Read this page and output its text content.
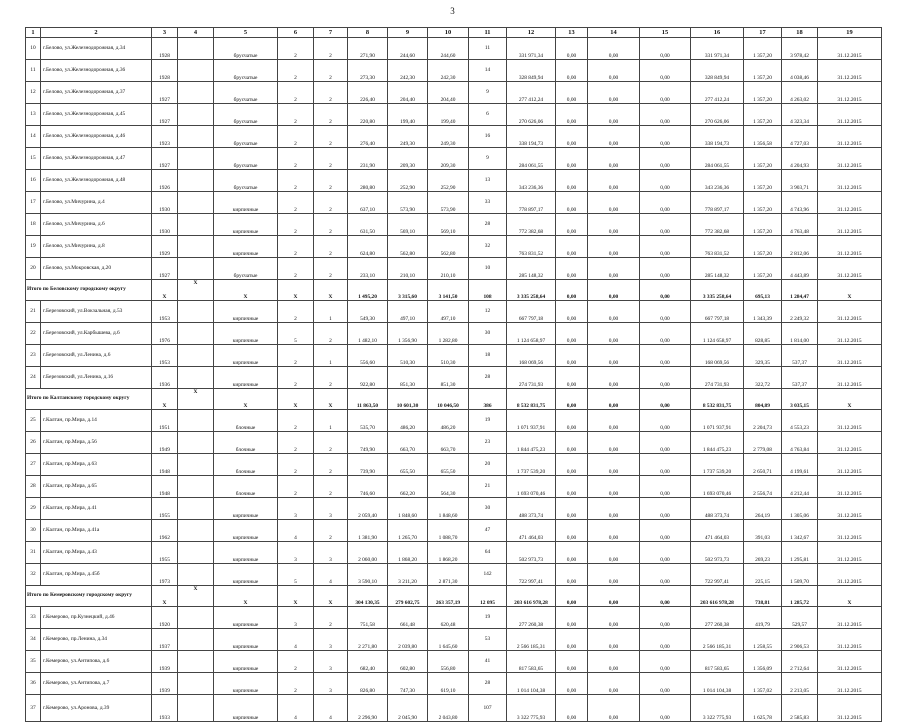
3
1	2	3	4	5	6	7	8	9	10	11	12	13	14	15	16	17	18	19
10	г.Белово, ул.Железнодорожная, д.34	1928		брусчатые	2	2	271,90	244,60	244,60	11	331 971,34	0,00	0,00	0,00	331 971,34	1 357,20	3 978,42	31.12.2015
11	г.Белово, ул.Железнодорожная, д.36	1928		брусчатые	2	2	273,30	242,30	242,30	14	328 849,94	0,00	0,00	0,00	328 849,94	1 357,20	4 038,46	31.12.2015
12	г.Белово, ул.Железнодорожная, д.37	1927		брусчатые	2	2	226,40	204,40	204,40	9	277 412,24	0,00	0,00	0,00	277 412,24	1 357,20	4 263,02	31.12.2015
13	г.Белово, ул.Железнодорожная, д.45	1927		брусчатые	2	2	220,80	199,40	199,40	6	270 626,06	0,00	0,00	0,00	270 626,06	1 357,20	4 323,34	31.12.2015
14	г.Белово, ул.Железнодорожная, д.46	1923		брусчатые	2	2	276,40	249,30	249,30	16	338 194,73	0,00	0,00	0,00	338 194,73	1 356,58	4 727,03	31.12.2015
15	г.Белово, ул.Железнодорожная, д.47	1927		брусчатые	2	2	231,90	209,30	209,30	9	284 061,55	0,00	0,00	0,00	284 061,55	1 357,20	4 204,93	31.12.2015
16	г.Белово, ул.Железнодорожная, д.48	1926		брусчатые	2	2	280,80	252,90	252,90	13	343 236,36	0,00	0,00	0,00	343 236,36	1 357,20	3 903,71	31.12.2015
17	г.Белово, ул.Мичурина, д.4	1930		кирпичные	2	2	637,10	573,90	573,90	33	778 897,17	0,00	0,00	0,00	778 897,17	1 357,20	4 743,96	31.12.2015
18	г.Белово, ул.Мичурина, д.6	1930		кирпичные	2	2	631,50	569,10	569,10	28	772 382,68	0,00	0,00	0,00	772 382,68	1 357,20	4 763,48	31.12.2015
19	г.Белово, ул.Мичурина, д.8	1929		кирпичные	2	2	624,80	562,80	562,80	32	763 831,52	0,00	0,00	0,00	763 831,52	1 357,20	2 812,06	31.12.2015
20	г.Белово, ул.Мокровская, д.20	1927		брусчатые	2	2	233,10	210,10	210,10	10	285 148,32	0,00	0,00	0,00	285 148,32	1 357,20	4 443,89	31.12.2015
Итого по Беловскому городскому округу		X	X	X	X	X	1 495,20	3 315,60	3 141,50	108	3 335 258,64	0,00	0,00	0,00	3 335 258,64	695,13	1 284,47	X
21	г.Березовский, ул.Вокзальная, д.53	1953		кирпичные	2	1	549,30	497,10	497,10	12	667 797,18	0,00	0,00	0,00	667 797,18	1 343,39	2 249,32	31.12.2015
22	г.Березовский, ул.Карбышева, д.6	1976		кирпичные	5	2	1 482,10	1 356,90	1 282,80	30	1 124 658,97	0,00	0,00	0,00	1 124 658,97	828,85	1 814,00	31.12.2015
23	г.Березовский, ул.Ленина, д.6	1953		кирпичные	2	1	556,60	510,30	510,30	18	168 069,56	0,00	0,00	0,00	168 069,56	329,35	537,37	31.12.2015
24	г.Березовский, ул.Ленина, д.16	1936		кирпичные	2	2	922,80	851,30	851,30	28	274 731,93	0,00	0,00	0,00	274 731,93	322,72	537,37	31.12.2015
Итого по Калтанскому городскому округу		X	X	X	X	X	11 863,50	10 601,30	10 046,50	386	8 532 831,75	0,00	0,00	0,00	8 532 831,75	804,89	3 035,15	X
25	г.Калтан, пр.Мира, д.14	1951		блочные	2	1	535,70	486,20	486,20	19	1 071 937,91	0,00	0,00	0,00	1 071 937,91	2 204,73	4 553,23	31.12.2015
26	г.Калтан, пр.Мира, д.56	1949		блочные	2	2	749,90	663,70	663,70	23	1 844 475,23	0,00	0,00	0,00	1 844 475,23	2 779,08	4 763,84	31.12.2015
27	г.Калтан, пр.Мира, д.63	1948		блочные	2	2	739,90	655,50	655,50	20	1 737 539,20	0,00	0,00	0,00	1 737 539,20	2 650,71	4 199,61	31.12.2015
28	г.Калтан, пр.Мира, д.65	1948		блочные	2	2	746,60	662,20	564,30	21	1 693 070,46	0,00	0,00	0,00	1 693 070,46	2 556,74	4 212,44	31.12.2015
29	г.Калтан, пр.Мира, д.41	1955		кирпичные	3	3	2 059,40	1 848,60	1 848,60	30	488 373,74	0,00	0,00	0,00	488 373,74	264,19	1 305,06	31.12.2015
30	г.Калтан, пр.Мира, д.41а	1962		кирпичные	4	2	1 381,90	1 265,70	1 088,70	47	471 464,03	0,00	0,00	0,00	471 464,03	391,03	1 342,67	31.12.2015
31	г.Калтан, пр.Мира, д.43	1955		кирпичные	3	3	2 060,00	1 868,20	1 868,20	64	502 973,73	0,00	0,00	0,00	502 973,73	269,23	1 295,81	31.12.2015
32	г.Калтан, пр.Мира, д.45б	1973		кирпичные	5	4	3 590,10	3 211,20	2 871,30	142	722 997,41	0,00	0,00	0,00	722 997,41	225,15	1 509,70	31.12.2015
Итого по Кемеровскому городскому округу		X	X	X	X	X	304 130,35	279 602,75	263 357,19	12 095	203 616 978,28	0,00	0,00	0,00	203 616 978,28	738,81	1 285,72	X
33	г.Кемерово, пр.Кузнецкий, д.46	1920		кирпичные	3	2	751,58	661,48	620,48	19	277 260,38	0,00	0,00	0,00	277 260,38	419,79	529,57	31.12.2015
34	г.Кемерово, пр.Ленина, д.34	1937		кирпичные	4	3	2 271,80	2 039,80	1 645,60	53	2 566 185,31	0,00	0,00	0,00	2 566 185,31	1 258,55	2 906,53	31.12.2015
35	г.Кемерово, ул.Антипова, д.6	1939		кирпичные	2	3	682,40	602,80	556,80	41	817 583,65	0,00	0,00	0,00	817 583,65	1 356,09	2 712,64	31.12.2015
36	г.Кемерово, ул.Антипова, д.7	1939		кирпичные	2	3	826,80	747,30	619,10	28	1 014 104,38	0,00	0,00	0,00	1 014 104,38	1 357,02	2 213,05	31.12.2015
37	г.Кемерово, ул.Ароновa, д.39	1933		кирпичные	4	4	2 296,90	2 045,90	2 043,80	107	3 322 775,93	0,00	0,00	0,00	3 322 775,93	1 625,78	2 585,83	31.12.2015
